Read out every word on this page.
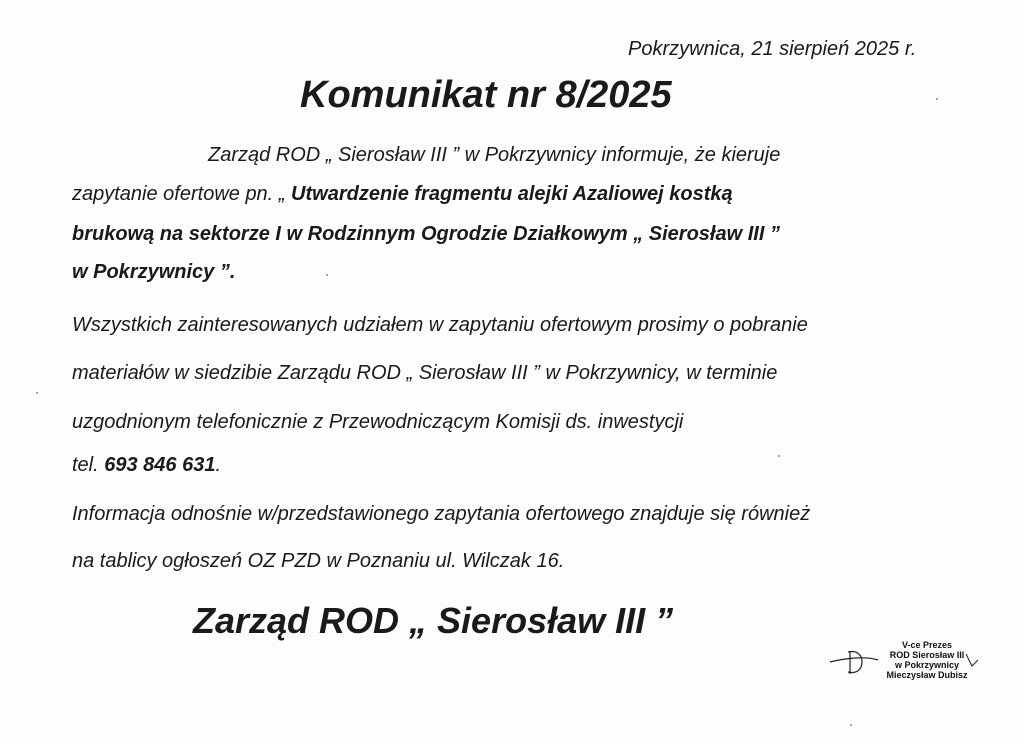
Pokrzywnica, 21 sierpień 2025 r.
Komunikat nr 8/2025
Zarząd ROD „ Sierosław III ” w Pokrzywnicy informuje, że kieruje
zapytanie ofertowe pn. „ Utwardzenie fragmentu alejki Azaliowej kostką
brukową na sektorze I w Rodzinnym Ogrodzie Działkowym „ Sierosław III ”
w Pokrzywnicy ”.
Wszystkich zainteresowanych udziałem w zapytaniu ofertowym prosimy o pobranie
materiałów w siedzibie Zarządu ROD „ Sierosław III ” w Pokrzywnicy, w terminie
uzgodnionym telefonicznie z Przewodniczącym Komisji ds. inwestycji
tel. 693 846 631.
Informacja odnośnie w/przedstawionego zapytania ofertowego znajduje się również
na tablicy ogłoszeń OZ PZD w Poznaniu ul. Wilczak 16.
Zarząd ROD „ Sierosław III ”
V-ce Prezes
ROD Sierosław III
w Pokrzywnicy
Mieczysław Dubisz
